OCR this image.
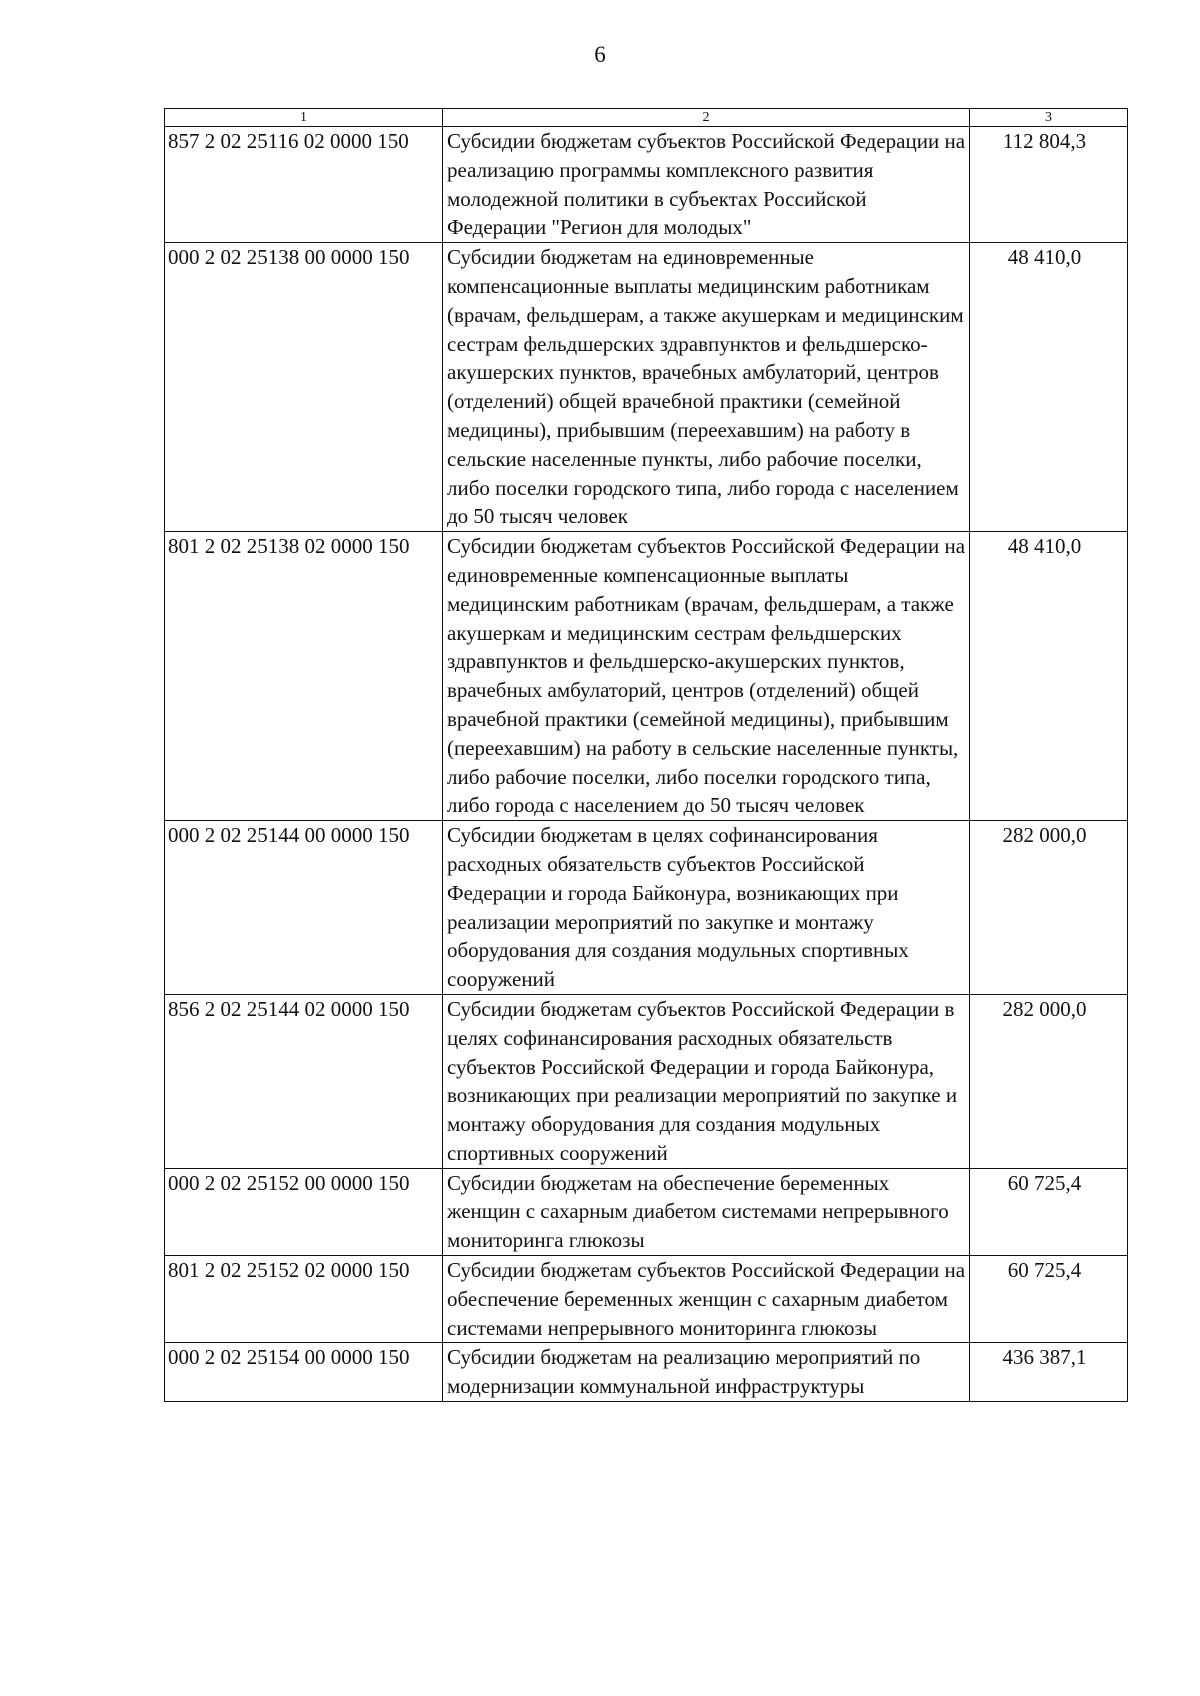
6
1	2	3
857 2 02 25116 02 0000 150	Субсидии бюджетам субъектов Российской Федерации на реализацию программы комплексного развития молодежной политики в субъектах Российской Федерации "Регион для молодых"	112 804,3
000 2 02 25138 00 0000 150	Субсидии бюджетам на единовременные компенсационные выплаты медицинским работникам (врачам, фельдшерам, а также акушеркам и медицинским сестрам фельдшерских здравпунктов и фельдшерско-акушерских пунктов, врачебных амбулаторий, центров (отделений) общей врачебной практики (семейной медицины), прибывшим (переехавшим) на работу в сельские населенные пункты, либо рабочие поселки, либо поселки городского типа, либо города с населением до 50 тысяч человек	48 410,0
801 2 02 25138 02 0000 150	Субсидии бюджетам субъектов Российской Федерации на единовременные компенсационные выплаты медицинским работникам (врачам, фельдшерам, а также акушеркам и медицинским сестрам фельдшерских здравпунктов и фельдшерско-акушерских пунктов, врачебных амбулаторий, центров (отделений) общей врачебной практики (семейной медицины), прибывшим (переехавшим) на работу в сельские населенные пункты, либо рабочие поселки, либо поселки городского типа, либо города с населением до 50 тысяч человек	48 410,0
000 2 02 25144 00 0000 150	Субсидии бюджетам в целях софинансирования расходных обязательств субъектов Российской Федерации и города Байконура, возникающих при реализации мероприятий по закупке и монтажу оборудования для создания модульных спортивных сооружений	282 000,0
856 2 02 25144 02 0000 150	Субсидии бюджетам субъектов Российской Федерации в целях софинансирования расходных обязательств субъектов Российской Федерации и города Байконура, возникающих при реализации мероприятий по закупке и монтажу оборудования для создания модульных спортивных сооружений	282 000,0
000 2 02 25152 00 0000 150	Субсидии бюджетам на обеспечение беременных женщин с сахарным диабетом системами непрерывного мониторинга глюкозы	60 725,4
801 2 02 25152 02 0000 150	Субсидии бюджетам субъектов Российской Федерации на обеспечение беременных женщин с сахарным диабетом системами непрерывного мониторинга глюкозы	60 725,4
000 2 02 25154 00 0000 150	Субсидии бюджетам на реализацию мероприятий по модернизации коммунальной инфраструктуры	436 387,1
